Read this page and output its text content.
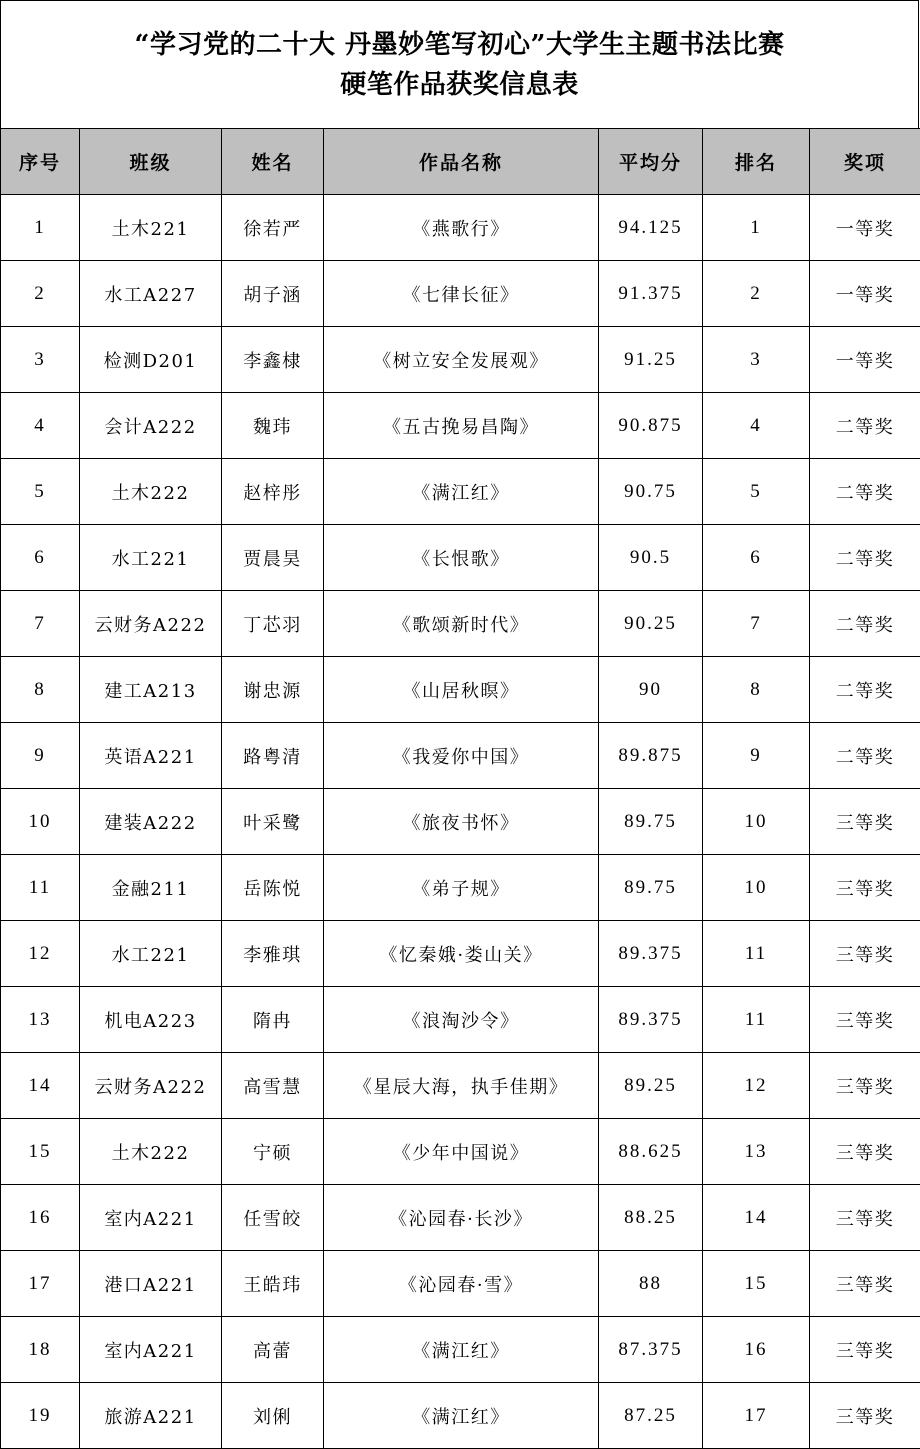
“学习党的二十大 丹墨妙笔写初心”大学生主题书法比赛
硬笔作品获奖信息表
序号	班级	姓名	作品名称	平均分	排名	奖项
1	土木221	徐若严	《燕歌行》	94.125	1	一等奖
2	水工A227	胡子涵	《七律长征》	91.375	2	一等奖
3	检测D201	李鑫棣	《树立安全发展观》	91.25	3	一等奖
4	会计A222	魏玮	《五古挽易昌陶》	90.875	4	二等奖
5	土木222	赵梓彤	《满江红》	90.75	5	二等奖
6	水工221	贾晨昊	《长恨歌》	90.5	6	二等奖
7	云财务A222	丁芯羽	《歌颂新时代》	90.25	7	二等奖
8	建工A213	谢忠源	《山居秋暝》	90	8	二等奖
9	英语A221	路粤清	《我爱你中国》	89.875	9	二等奖
10	建装A222	叶采鹭	《旅夜书怀》	89.75	10	三等奖
11	金融211	岳陈悦	《弟子规》	89.75	10	三等奖
12	水工221	李雅琪	《忆秦娥·娄山关》	89.375	11	三等奖
13	机电A223	隋冉	《浪淘沙令》	89.375	11	三等奖
14	云财务A222	高雪慧	《星辰大海，执手佳期》	89.25	12	三等奖
15	土木222	宁硕	《少年中国说》	88.625	13	三等奖
16	室内A221	任雪皎	《沁园春·长沙》	88.25	14	三等奖
17	港口A221	王皓玮	《沁园春·雪》	88	15	三等奖
18	室内A221	高蕾	《满江红》	87.375	16	三等奖
19	旅游A221	刘俐	《满江红》	87.25	17	三等奖
